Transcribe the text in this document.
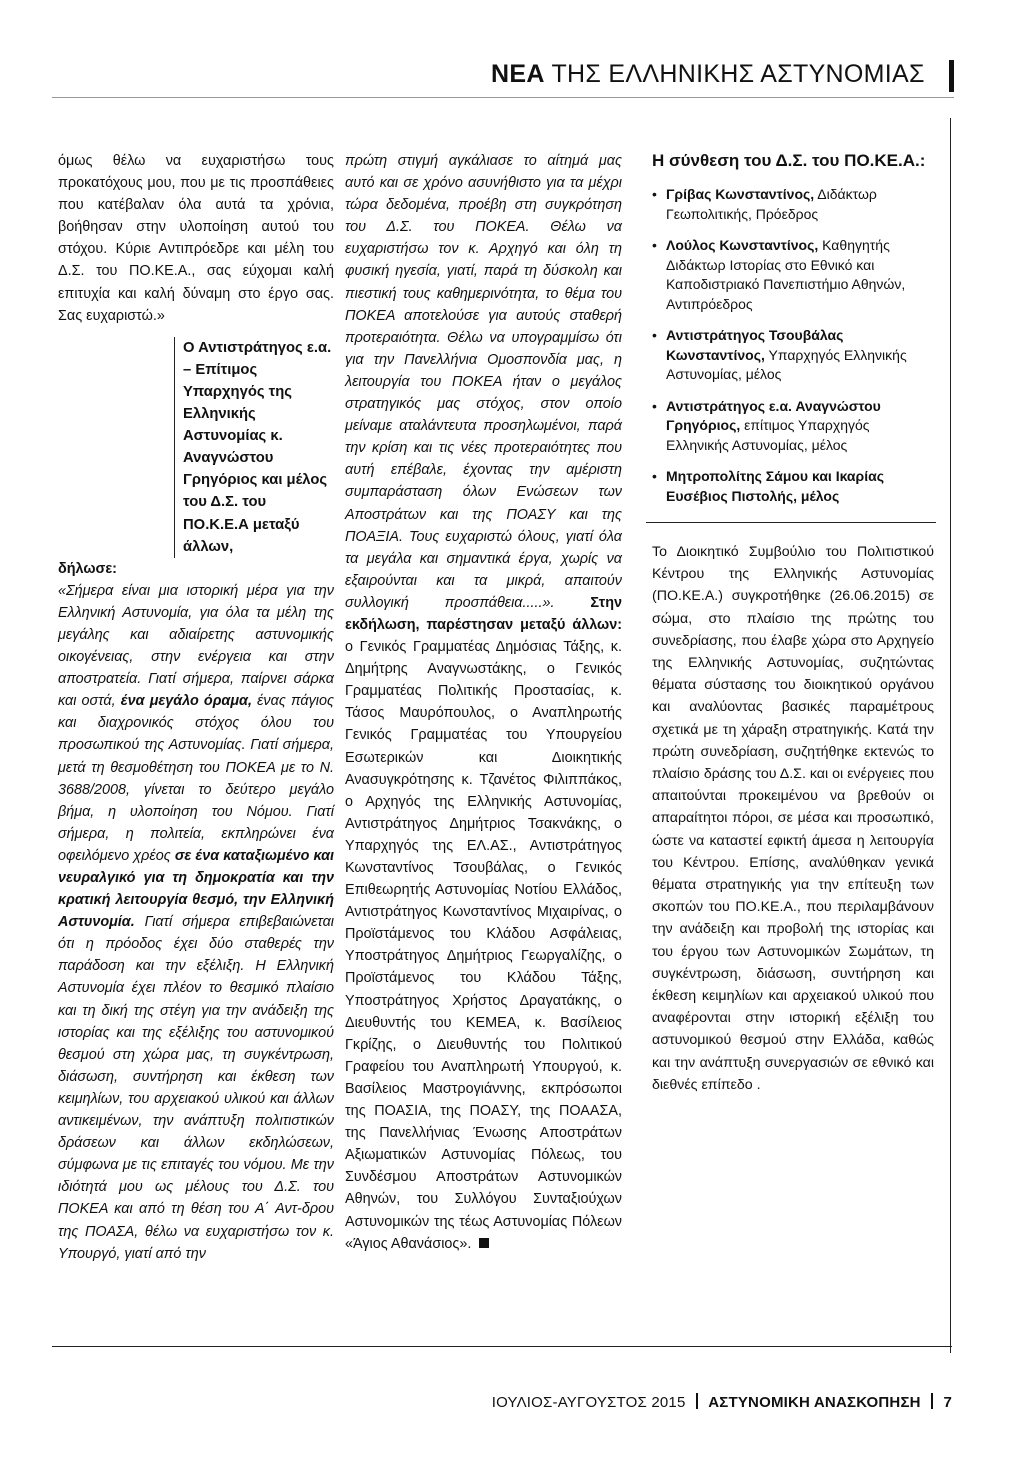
ΝΕΑ ΤΗΣ ΕΛΛΗΝΙΚΗΣ ΑΣΤΥΝΟΜΙΑΣ

όμως θέλω να ευχαριστήσω τους προκατόχους μου, που με τις προσπάθειες που κατέβαλαν όλα αυτά τα χρόνια, βοήθησαν στην υλοποίηση αυτού του στόχου. Κύριε Αντιπρόεδρε και μέλη του Δ.Σ. του ΠΟ.ΚΕ.Α., σας εύχομαι καλή επιτυχία και καλή δύναμη στο έργο σας. Σας ευχαριστώ.»

Ο Αντιστράτηγος ε.α. – Επίτιμος Υπαρχηγός της Ελληνικής Αστυνομίας κ. Αναγνώστου Γρηγόριος και μέλος του Δ.Σ. του ΠΟ.Κ.Ε.Α μεταξύ άλλων,

δήλωσε:

«Σήμερα είναι μια ιστορική μέρα για την Ελληνική Αστυνομία, για όλα τα μέλη της μεγάλης και αδιαίρετης αστυνομικής οικογένειας, στην ενέργεια και στην αποστρατεία. Γιατί σήμερα, παίρνει σάρκα και οστά, ένα μεγάλο όραμα, ένας πάγιος και διαχρονικός στόχος όλου του προσωπικού της Αστυνομίας. Γιατί σήμερα, μετά τη θεσμοθέτηση του ΠΟΚΕΑ με το Ν. 3688/2008, γίνεται το δεύτερο μεγάλο βήμα, η υλοποίηση του Νόμου. Γιατί σήμερα, η πολιτεία, εκπληρώνει ένα οφειλόμενο χρέος σε ένα καταξιωμένο και νευραλγικό για τη δημοκρατία και την κρατική λειτουργία θεσμό, την Ελληνική Αστυνομία. Γιατί σήμερα επιβεβαιώνεται ότι η πρόοδος έχει δύο σταθερές την παράδοση και την εξέλιξη. Η Ελληνική Αστυνομία έχει πλέον το θεσμικό πλαίσιο και τη δική της στέγη για την ανάδειξη της ιστορίας και της εξέλιξης του αστυνομικού θεσμού στη χώρα μας, τη συγκέντρωση, διάσωση, συντήρηση και έκθεση των κειμηλίων, του αρχειακού υλικού και άλλων αντικειμένων, την ανάπτυξη πολιτιστικών δράσεων και άλλων εκδηλώσεων, σύμφωνα με τις επιταγές του νόμου. Με την ιδιότητά μου ως μέλους του Δ.Σ. του ΠΟΚΕΑ και από τη θέση του Α΄ Αντ-δρου της ΠΟΑΣΑ, θέλω να ευχαριστήσω τον κ. Υπουργό, γιατί από την

πρώτη στιγμή αγκάλιασε το αίτημά μας αυτό και σε χρόνο ασυνήθιστο για τα μέχρι τώρα δεδομένα, προέβη στη συγκρότηση του Δ.Σ. του ΠΟΚΕΑ. Θέλω να ευχαριστήσω τον κ. Αρχηγό και όλη τη φυσική ηγεσία, γιατί, παρά τη δύσκολη και πιεστική τους καθημερινότητα, το θέμα του ΠΟΚΕΑ αποτελούσε για αυτούς σταθερή προτεραιότητα. Θέλω να υπογραμμίσω ότι για την Πανελλήνια Ομοσπονδία μας, η λειτουργία του ΠΟΚΕΑ ήταν ο μεγάλος στρατηγικός μας στόχος, στον οποίο μείναμε αταλάντευτα προσηλωμένοι, παρά την κρίση και τις νέες προτεραιότητες που αυτή επέβαλε, έχοντας την αμέριστη συμπαράσταση όλων Ενώσεων των Αποστράτων και της ΠΟΑΣΥ και της ΠΟΑΞΙΑ. Τους ευχαριστώ όλους, γιατί όλα τα μεγάλα και σημαντικά έργα, χωρίς να εξαιρούνται και τα μικρά, απαιτούν συλλογική προσπάθεια.....». Στην εκδήλωση, παρέστησαν μεταξύ άλλων: ο Γενικός Γραμματέας Δημόσιας Τάξης, κ. Δημήτρης Αναγνωστάκης, ο Γενικός Γραμματέας Πολιτικής Προστασίας, κ. Τάσος Μαυρόπουλος, ο Αναπληρωτής Γενικός Γραμματέας του Υπουργείου Εσωτερικών και Διοικητικής Ανασυγκρότησης κ. Τζανέτος Φιλιππάκος, ο Αρχηγός της Ελληνικής Αστυνομίας, Αντιστράτηγος Δημήτριος Τσακνάκης, ο Υπαρχηγός της ΕΛ.ΑΣ., Αντιστράτηγος Κωνσταντίνος Τσουβάλας, ο Γενικός Επιθεωρητής Αστυνομίας Νοτίου Ελλάδος, Αντιστράτηγος Κωνσταντίνος Μιχαιρίνας, ο Προϊστάμενος του Κλάδου Ασφάλειας, Υποστράτηγος Δημήτριος Γεωργαλίζης, ο Προϊστάμενος του Κλάδου Τάξης, Υποστράτηγος Χρήστος Δραγατάκης, ο Διευθυντής του ΚΕΜΕΑ, κ. Βασίλειος Γκρίζης, ο Διευθυντής του Πολιτικού Γραφείου του Αναπληρωτή Υπουργού, κ. Βασίλειος Μαστρογιάννης, εκπρόσωποι της ΠΟΑΣΙΑ, της ΠΟΑΣΥ, της ΠΟΑΑΣΑ, της Πανελλήνιας Ένωσης Αποστράτων Αξιωματικών Αστυνομίας Πόλεως, του Συνδέσμου Αποστράτων Αστυνομικών Αθηνών, του Συλλόγου Συνταξιούχων Αστυνομικών της τέως Αστυνομίας Πόλεων «Άγιος Αθανάσιος».

Η σύνθεση του Δ.Σ. του ΠΟ.ΚΕ.Α.:
• Γρίβας Κωνσταντίνος, Διδάκτωρ Γεωπολιτικής, Πρόεδρος
• Λούλος Κωνσταντίνος, Καθηγητής Διδάκτωρ Ιστορίας στο Εθνικό και Καποδιστριακό Πανεπιστήμιο Αθηνών, Αντιπρόεδρος
• Αντιστράτηγος Τσουβάλας Κωνσταντίνος, Υπαρχηγός Ελληνικής Αστυνομίας, μέλος
• Αντιστράτηγος ε.α. Αναγνώστου Γρηγόριος, επίτιμος Υπαρχηγός Ελληνικής Αστυνομίας, μέλος
• Μητροπολίτης Σάμου και Ικαρίας Ευσέβιος Πιστολής, μέλος
Το Διοικητικό Συμβούλιο του Πολιτιστικού Κέντρου της Ελληνικής Αστυνομίας (ΠΟ.ΚΕ.Α.) συγκροτήθηκε (26.06.2015) σε σώμα, στο πλαίσιο της πρώτης του συνεδρίασης, που έλαβε χώρα στο Αρχηγείο της Ελληνικής Αστυνομίας, συζητώντας θέματα σύστασης του διοικητικού οργάνου και αναλύοντας βασικές παραμέτρους σχετικά με τη χάραξη στρατηγικής. Κατά την πρώτη συνεδρίαση, συζητήθηκε εκτενώς το πλαίσιο δράσης του Δ.Σ. και οι ενέργειες που απαιτούνται προκειμένου να βρεθούν οι απαραίτητοι πόροι, σε μέσα και προσωπικό, ώστε να καταστεί εφικτή άμεσα η λειτουργία του Κέντρου. Επίσης, αναλύθηκαν γενικά θέματα στρατηγικής για την επίτευξη των σκοπών του ΠΟ.ΚΕ.Α., που περιλαμβάνουν την ανάδειξη και προβολή της ιστορίας και του έργου των Αστυνομικών Σωμάτων, τη συγκέντρωση, διάσωση, συντήρηση και έκθεση κειμηλίων και αρχειακού υλικού που αναφέρονται στην ιστορική εξέλιξη του αστυνομικού θεσμού στην Ελλάδα, καθώς και την ανάπτυξη συνεργασιών σε εθνικό και διεθνές επίπεδο .
ΙΟΥΛΙΟΣ-ΑΥΓΟΥΣΤΟΣ 2015 ΑΣΤΥΝΟΜΙΚΗ ΑΝΑΣΚΟΠΗΣΗ 7
